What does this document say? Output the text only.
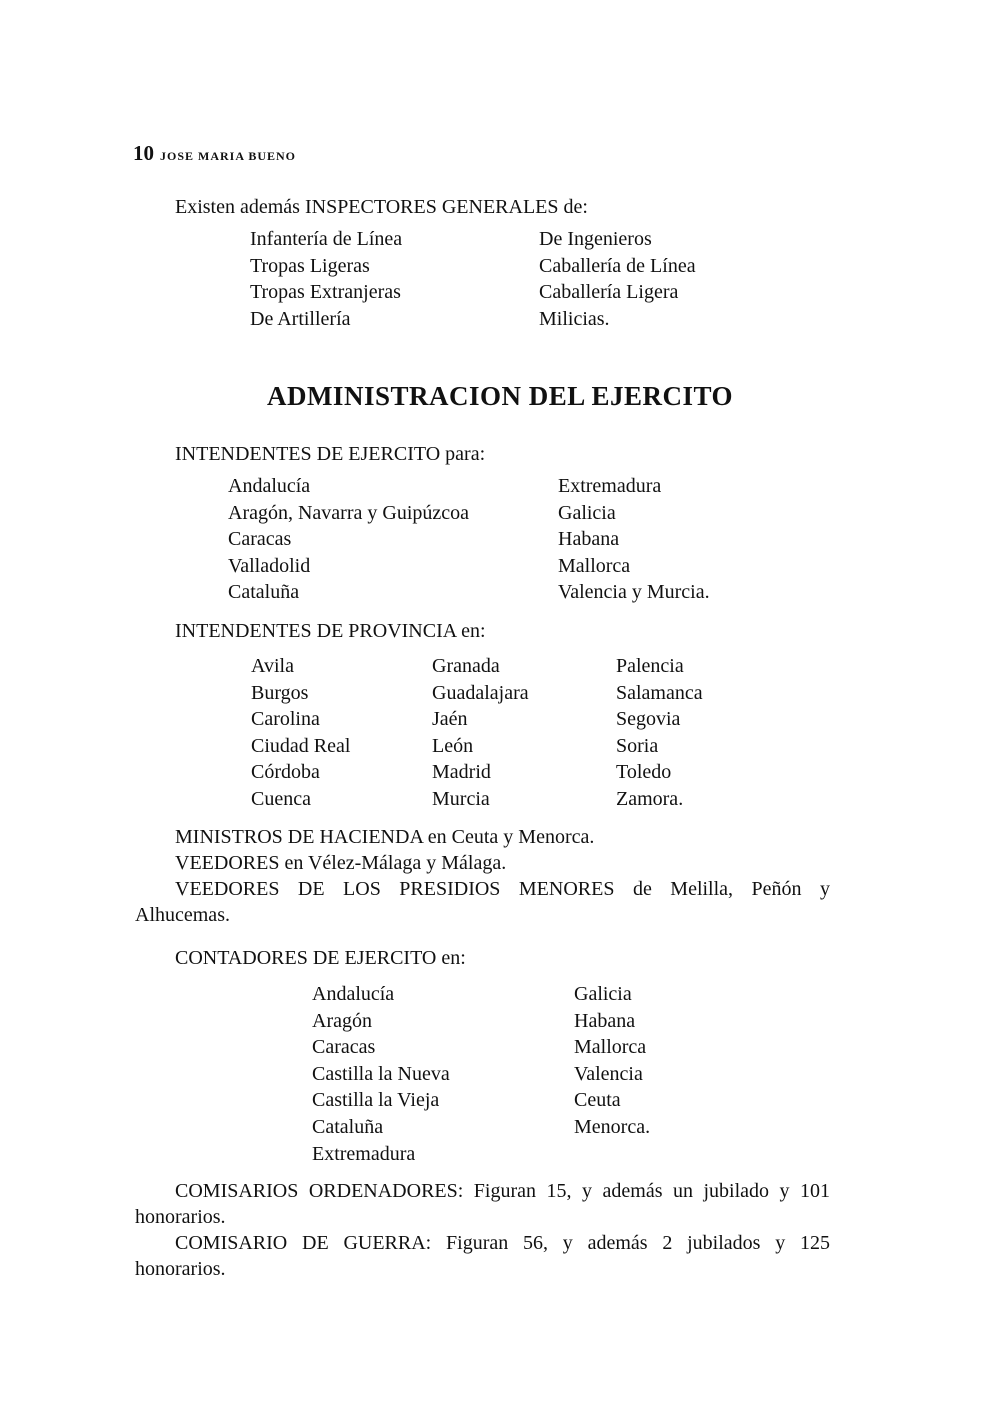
10 JOSE MARIA BUENO
Existen además INSPECTORES GENERALES de:
Infantería de Línea
Tropas Ligeras
Tropas Extranjeras
De Artillería
De Ingenieros
Caballería de Línea
Caballería Ligera
Milicias.
ADMINISTRACION DEL EJERCITO
INTENDENTES DE EJERCITO para:
Andalucía
Aragón, Navarra y Guipúzcoa
Caracas
Valladolid
Cataluña
Extremadura
Galicia
Habana
Mallorca
Valencia y Murcia.
INTENDENTES DE PROVINCIA en:
Avila
Burgos
Carolina
Ciudad Real
Córdoba
Cuenca
Granada
Guadalajara
Jaén
León
Madrid
Murcia
Palencia
Salamanca
Segovia
Soria
Toledo
Zamora.
MINISTROS DE HACIENDA en Ceuta y Menorca.
VEEDORES en Vélez-Málaga y Málaga.
VEEDORES DE LOS PRESIDIOS MENORES de Melilla, Peñón y Alhucemas.
CONTADORES DE EJERCITO en:
Andalucía
Aragón
Caracas
Castilla la Nueva
Castilla la Vieja
Cataluña
Extremadura
Galicia
Habana
Mallorca
Valencia
Ceuta
Menorca.
COMISARIOS ORDENADORES: Figuran 15, y además un jubilado y 101 honorarios.
COMISARIO DE GUERRA: Figuran 56, y además 2 jubilados y 125 honorarios.
